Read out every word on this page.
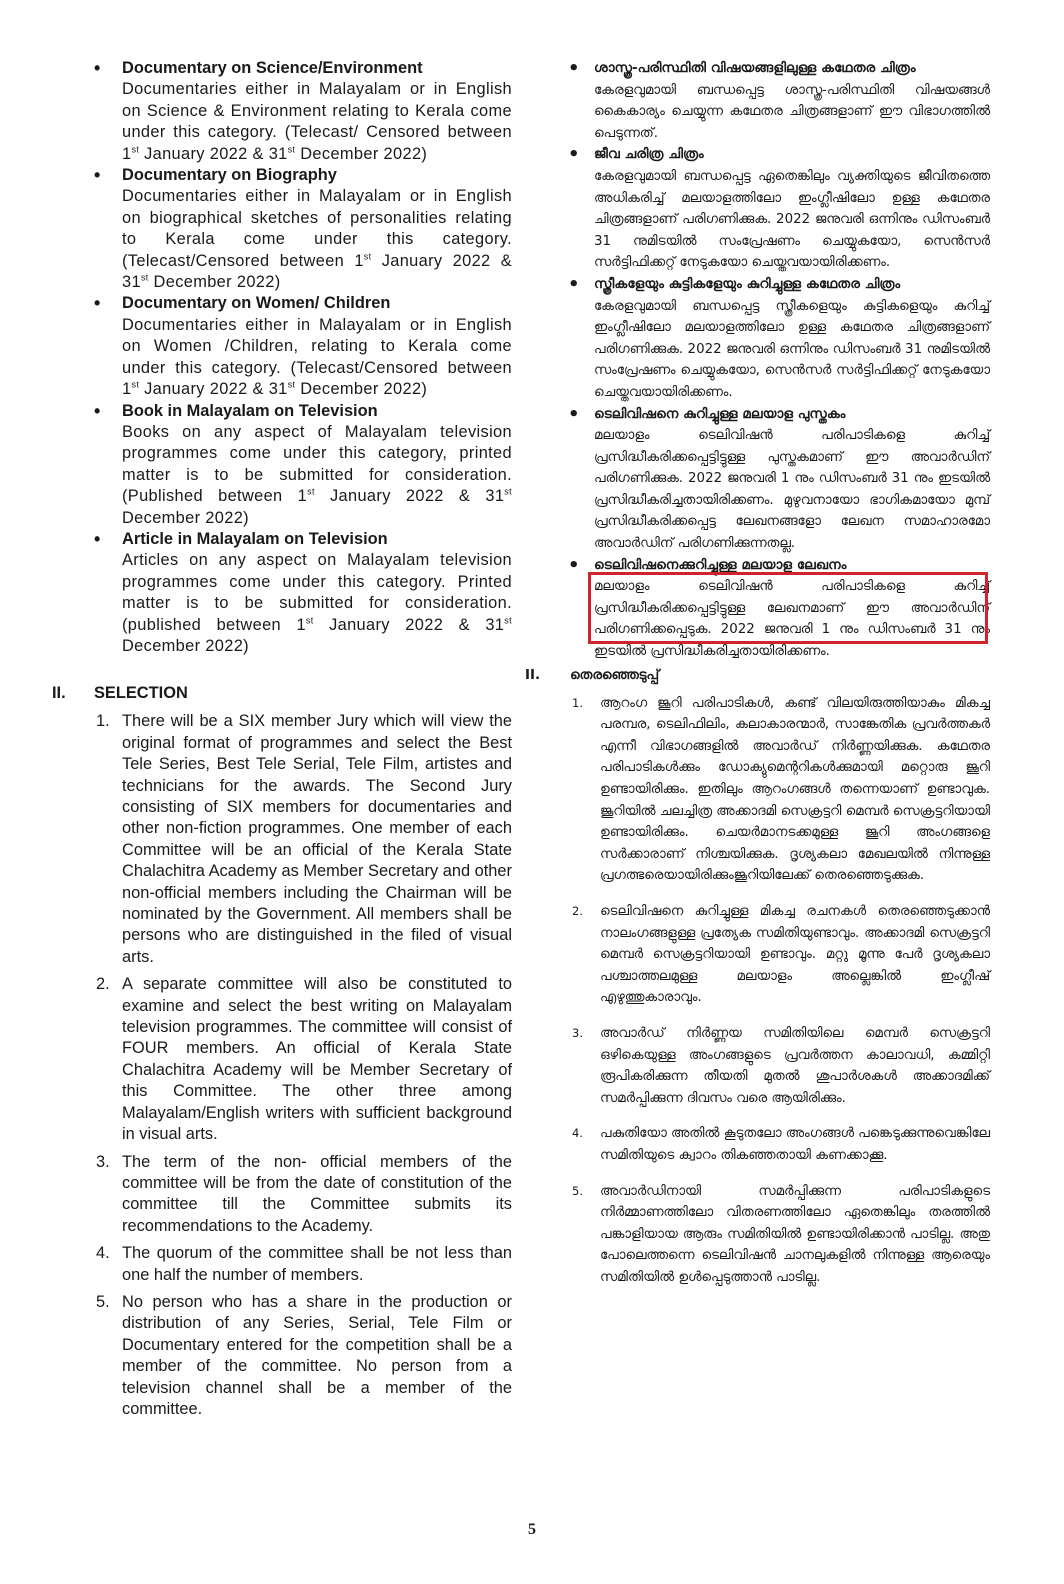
• Documentary on Science/Environment
Documentaries either in Malayalam or in English on Science & Environment relating to Kerala come under this category. (Telecast/ Censored between 1st January 2022 & 31st December 2022)
• Documentary on Biography
Documentaries either in Malayalam or in English on biographical sketches of personalities relating to Kerala come under this category. (Telecast/Censored between 1st January 2022 & 31st December 2022)
• Documentary on Women/ Children
Documentaries either in Malayalam or in English on Women /Children, relating to Kerala come under this category. (Telecast/Censored between 1st January 2022 & 31st December 2022)
• Book in Malayalam on Television
Books on any aspect of Malayalam television programmes come under this category, printed matter is to be submitted for consideration. (Published between 1st January 2022 & 31st December 2022)
• Article in Malayalam on Television
Articles on any aspect on Malayalam television programmes come under this category. Printed matter is to be submitted for consideration. (published between 1st January 2022 & 31st December 2022)
II. SELECTION
1. There will be a SIX member Jury which will view the original format of programmes and select the Best Tele Series, Best Tele Serial, Tele Film, artistes and technicians for the awards. The Second Jury consisting of SIX members for documentaries and other non-fiction programmes. One member of each Committee will be an official of the Kerala State Chalachitra Academy as Member Secretary and other non-official members including the Chairman will be nominated by the Government. All members shall be persons who are distinguished in the filed of visual arts.
2. A separate committee will also be constituted to examine and select the best writing on Malayalam television programmes. The committee will consist of FOUR members. An official of Kerala State Chalachitra Academy will be Member Secretary of this Committee. The other three among Malayalam/English writers with sufficient background in visual arts.
3. The term of the non- official members of the committee will be from the date of constitution of the committee till the Committee submits its recommendations to the Academy.
4. The quorum of the committee shall be not less than one half the number of members.
5. No person who has a share in the production or distribution of any Series, Serial, Tele Film or Documentary entered for the competition shall be a member of the committee. No person from a television channel shall be a member of the committee.
• ശാസ്ത്ര-പരിസ്ഥിതി വിഷയങ്ങളിലുള്ള കഥേതര ചിത്രം
കേരളവുമായി ബന്ധപ്പെട്ട ശാസ്ത്ര-പരിസ്ഥിതി വിഷയങ്ങൾ കൈകാര്യം ചെയ്യുന്ന കഥേതര ചിത്രങ്ങളാണ് ഈ വിഭാഗത്തിൽ പെടുന്നത്.
• ജീവ ചരിത്ര ചിത്രം
കേരളവുമായി ബന്ധപ്പെട്ട ഏതെങ്കിലും വ്യക്തിയുടെ ജീവിതത്തെ അധികരിച്ച് മലയാളത്തിലോ ഇംഗ്ലീഷിലോ ഉള്ള കഥേതര ചിത്രങ്ങളാണ് പരിഗണിക്കുക. 2022 ജനുവരി ഒന്നിനും ഡിസംബർ 31 നുമിടയിൽ സംപ്രേഷണം ചെയ്യുകയോ, സെൻസർ സർട്ടിഫിക്കറ്റ് നേടുകയോ ചെയ്തവയായിരിക്കണം.
• സ്ത്രീകളേയും കുട്ടികളേയും കുറിച്ചുള്ള കഥേതര ചിത്രം
കേരളവുമായി ബന്ധപ്പെട്ട സ്ത്രീകളെയും കുട്ടികളെയും കുറിച്ച് ഇംഗ്ലീഷിലോ മലയാളത്തിലോ ഉള്ള കഥേതര ചിത്രങ്ങളാണ് പരിഗണിക്കുക. 2022 ജനുവരി ഒന്നിനും ഡിസംബർ 31 നുമിടയിൽ സംപ്രേഷണം ചെയ്യുകയോ, സെൻസർ സർട്ടിഫിക്കറ്റ് നേടുകയോ ചെയ്തവയായിരിക്കണം.
• ടെലിവിഷനെ കുറിച്ചുള്ള മലയാള പുസ്തകം
മലയാളം ടെലിവിഷൻ പരിപാടികളെ കുറിച്ച് പ്രസിദ്ധീകരിക്കപ്പെട്ടിട്ടുള്ള പുസ്തകമാണ് ഈ അവാർഡിന് പരിഗണിക്കുക. 2022 ജനുവരി 1 നും ഡിസംബർ 31 നും ഇടയിൽ പ്രസിദ്ധീകരിച്ചതായിരിക്കണം. മുഴുവനായോ ഭാഗികമായോ മുമ്പ് പ്രസിദ്ധീകരിക്കപ്പെട്ട ലേഖനങ്ങളോ ലേഖന സമാഹാരമോ അവാർഡിന് പരിഗണിക്കുന്നതല്ല.
• ടെലിവിഷനെക്കുറിച്ചുള്ള മലയാള ലേഖനം
മലയാളം ടെലിവിഷൻ പരിപാടികളെ കുറിച്ച് പ്രസിദ്ധീകരിക്കപ്പെട്ടിട്ടുള്ള ലേഖനമാണ് ഈ അവാർഡിന് പരിഗണിക്കപ്പെടുക. 2022 ജനുവരി 1 നും ഡിസംബർ 31 നും ഇടയിൽ പ്രസിദ്ധീകരിച്ചതായിരിക്കണം.
II. തെരഞ്ഞെടുപ്പ്
1. ആറംഗ ജൂറി പരിപാടികൾ, കണ്ട് വിലയിരുത്തിയാകും മികച്ച പരമ്പര, ടെലിഫിലിം, കലാകാരന്മാർ, സാങ്കേതിക പ്രവർത്തകർ എന്നീ വിഭാഗങ്ങളിൽ അവാർഡ് നിർണ്ണയിക്കുക. കഥേതര പരിപാടികൾക്കും ഡോക്യുമെന്ററികൾക്കുമായി മറ്റൊരു ജൂറി ഉണ്ടായിരിക്കും. ഇതിലും ആറംഗങ്ങൾ തന്നെയാണ് ഉണ്ടാവുക. ജൂറിയിൽ ചലച്ചിത്ര അക്കാദമി സെക്രട്ടറി മെമ്പർ സെക്രട്ടറിയായി ഉണ്ടായിരിക്കും. ചെയർമാനടക്കമുള്ള ജൂറി അംഗങ്ങളെ സർക്കാരാണ് നിശ്ചയിക്കുക. ദൃശ്യകലാ മേഖലയിൽ നിന്നുള്ള പ്രഗത്ഭരെയായിരിക്കുംജൂറിയിലേക്ക് തെരഞ്ഞെടുക്കുക.
2. ടെലിവിഷനെ കുറിച്ചുള്ള മികച്ച രചനകൾ തെരഞ്ഞെടുക്കാൻ നാലംഗങ്ങളുള്ള പ്രത്യേക സമിതിയുണ്ടാവും. അക്കാദമി സെക്രട്ടറി മെമ്പർ സെക്രട്ടറിയായി ഉണ്ടാവും. മറ്റു മൂന്നു പേർ ദൃശ്യകലാ പശ്ചാത്തലമുള്ള മലയാളം അല്ലെങ്കിൽ ഇംഗ്ലീഷ് എഴുത്തുകാരാവും.
3. അവാർഡ് നിർണ്ണയ സമിതിയിലെ മെമ്പർ സെക്രട്ടറി ഒഴികെയുള്ള അംഗങ്ങളുടെ പ്രവർത്തന കാലാവധി, കമ്മിറ്റി രൂപികരിക്കുന്ന തീയതി മുതൽ ശുപാർശകൾ അക്കാദമിക്ക് സമർപ്പിക്കുന്ന ദിവസം വരെ ആയിരിക്കും.
4. പകുതിയോ അതിൽ കൂടുതലോ അംഗങ്ങൾ പങ്കെടുക്കുന്നുവെങ്കിലേ സമിതിയുടെ ക്വാറം തികഞ്ഞതായി കണക്കാക്കൂ.
5. അവാർഡിനായി സമർപ്പിക്കുന്ന പരിപാടികളുടെ നിർമ്മാണത്തിലോ വിതരണത്തിലോ ഏതെങ്കിലും തരത്തിൽ പങ്കാളിയായ ആരും സമിതിയിൽ ഉണ്ടായിരിക്കാൻ പാടില്ല. അതു പോലെത്തന്നെ ടെലിവിഷൻ ചാനലുകളിൽ നിന്നുള്ള ആരെയും സമിതിയിൽ ഉൾപ്പെടുത്താൻ പാടില്ല.
5
